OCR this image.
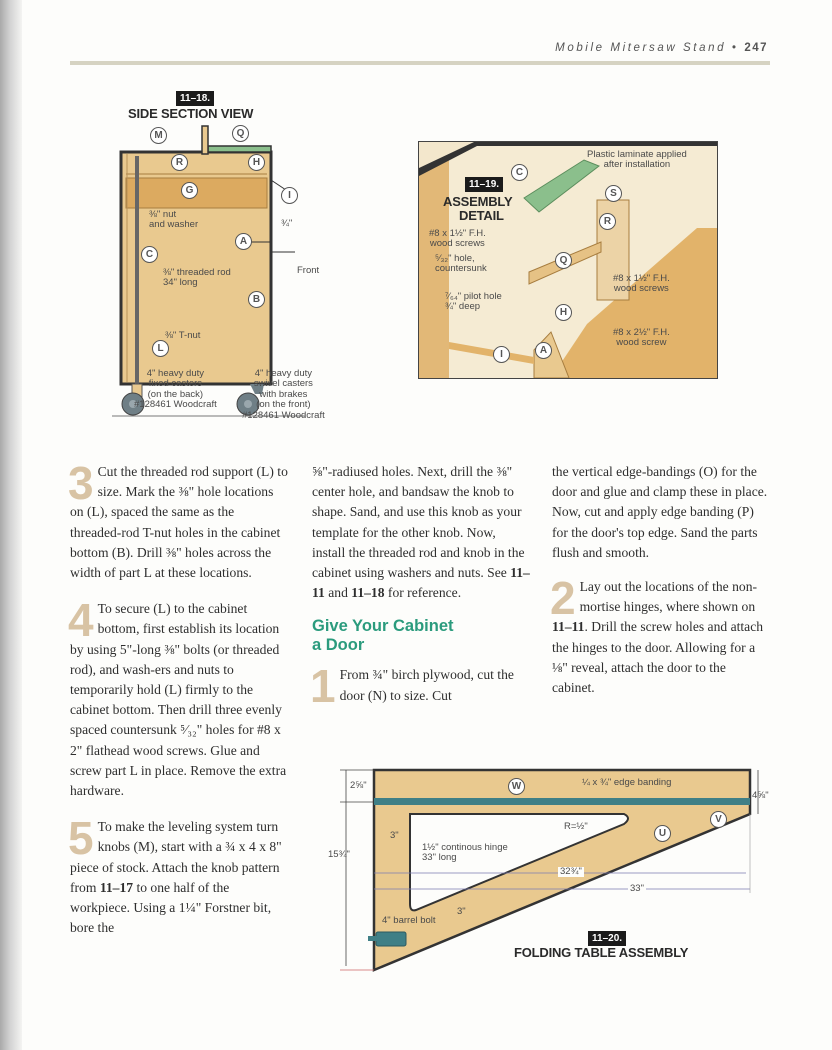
Mobile Mitersaw Stand • 247
11–18.
SIDE SECTION VIEW
M	Q
R	H
G	I
A
C
B
L
⅜" nut
and washer	¾"
⅜" threaded rod
34" long
Front
⅜" T-nut
4" heavy duty
fixed casters
(on the back)
#128461 Woodcraft
4" heavy duty
swivel casters
with brakes
(on the front)
#128461 Woodcraft
11–19.
ASSEMBLY
DETAIL
C
S
R
Q
H
A
I
Plastic laminate applied
after installation
#8 x 1½" F.H.
wood screws
⁵⁄₃₂" hole,
countersunk
⁷⁄₆₄" pilot hole
¾" deep
#8 x 1½" F.H.
wood screws
#8 x 2½" F.H.
wood screw
3 Cut the threaded rod support (L) to size. Mark the ⅜" hole locations on (L), spaced the same as the threaded-rod T-nut holes in the cabinet bottom (B). Drill ⅜" holes across the width of part L at these locations.

4 To secure (L) to the cabinet bottom, first establish its location by using 5"-long ⅜" bolts (or threaded rod), and wash-ers and nuts to temporarily hold (L) firmly to the cabinet bottom. Then drill three evenly spaced countersunk ⁵⁄₃₂" holes for #8 x 2" flathead wood screws. Glue and screw part L in place. Remove the extra hardware.

5 To make the leveling system turn knobs (M), start with a ¾ x 4 x 8" piece of stock. Attach the knob pattern from 11–17 to one half of the workpiece. Using a 1¼" Forstner bit, bore the

⅝"-radiused holes. Next, drill the ⅜" center hole, and bandsaw the knob to shape. Sand, and use this knob as your template for the other knob. Now, install the threaded rod and knob in the cabinet using washers and nuts. See 11–11 and 11–18 for reference.

Give Your Cabinet a Door
1 From ¾" birch plywood, cut the door (N) to size. Cut

the vertical edge-bandings (O) for the door and glue and clamp these in place. Now, cut and apply edge banding (P) for the door's top edge. Sand the parts flush and smooth.

2 Lay out the locations of the non-mortise hinges, where shown on 11–11. Drill the screw holes and attach the hinges to the door. Allowing for a ⅛" reveal, attach the door to the cabinet.

W
U
V
2⅝"
15¾"
3"
1½" continous hinge
33" long
¼ x ¾" edge banding
4⅝"
R=½"
32¾"
33"
3"
4" barrel bolt
11–20.
FOLDING TABLE ASSEMBLY
